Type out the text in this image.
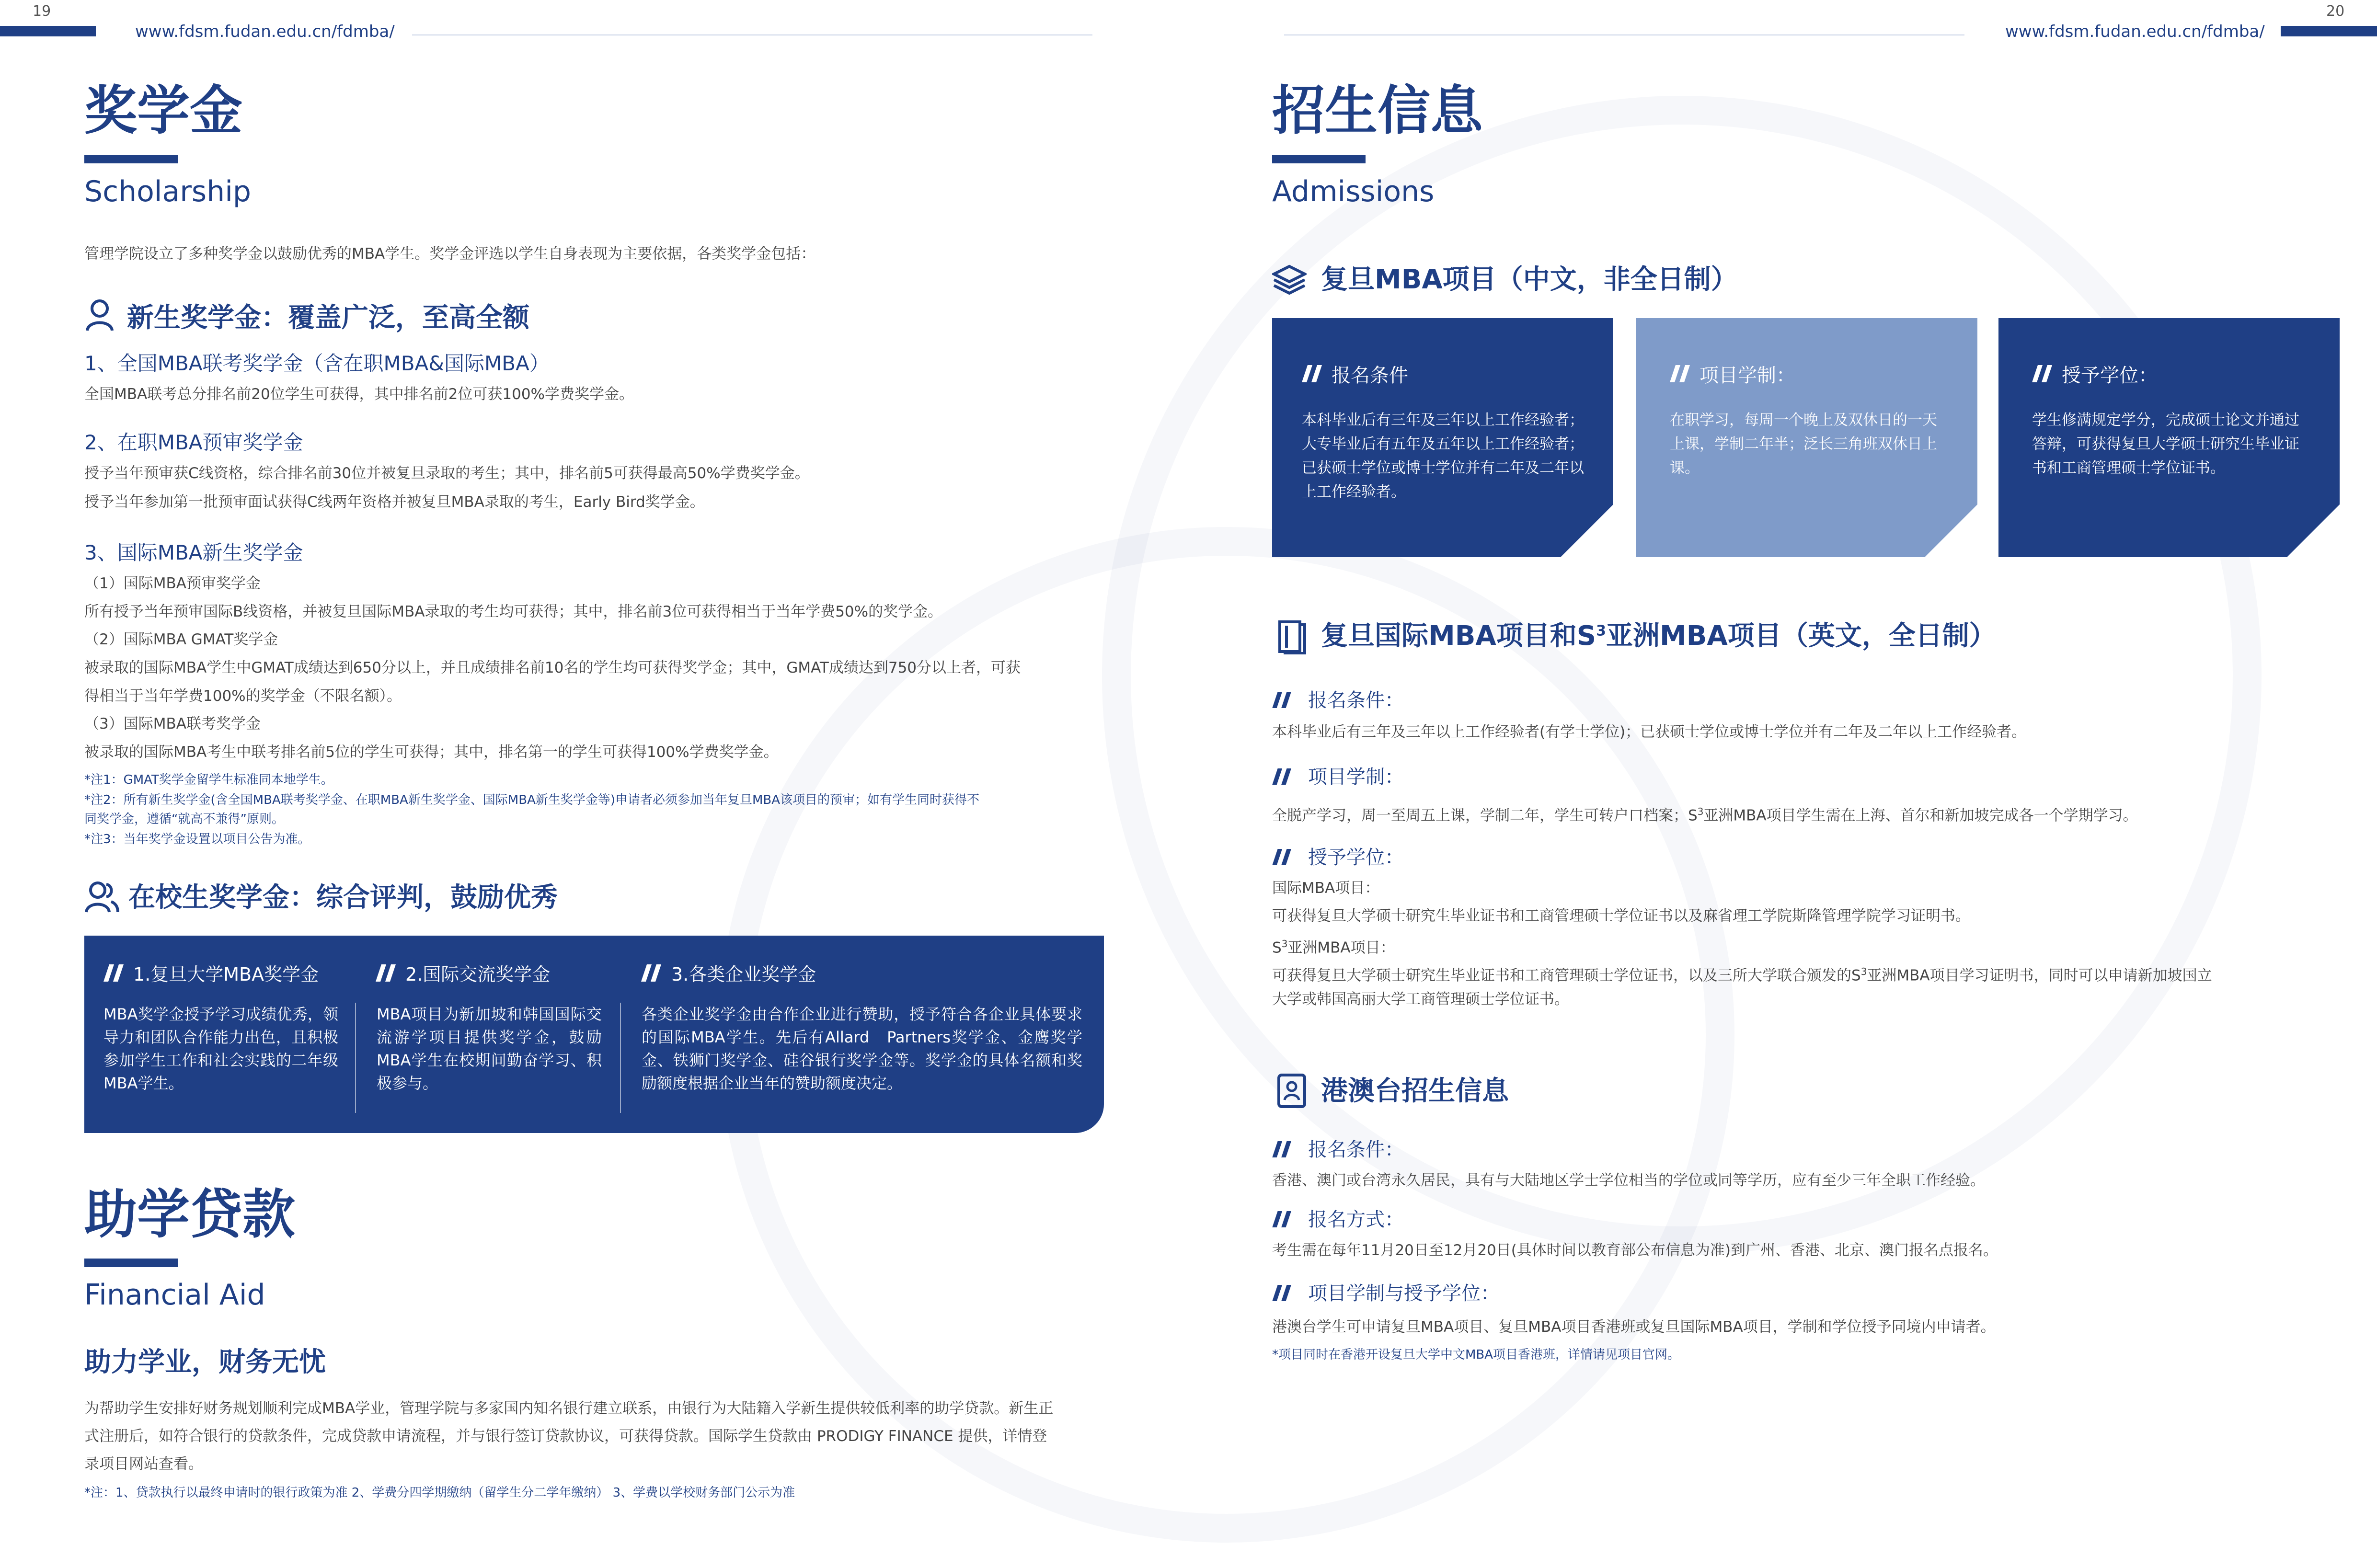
19
www.fdsm.fudan.edu.cn/fdmba/	www.fdsm.fudan.edu.cn/fdmba/
20
奖学金
Scholarship
管理学院设立了多种奖学金以鼓励优秀的MBA学生。奖学金评选以学生自身表现为主要依据，各类奖学金包括：
新生奖学金：覆盖广泛，至高全额
1、全国MBA联考奖学金（含在职MBA&国际MBA）
全国MBA联考总分排名前20位学生可获得，其中排名前2位可获100%学费奖学金。
2、在职MBA预审奖学金
授予当年预审获C线资格，综合排名前30位并被复旦录取的考生；其中，排名前5可获得最高50%学费奖学金。
授予当年参加第一批预审面试获得C线两年资格并被复旦MBA录取的考生，Early Bird奖学金。
3、国际MBA新生奖学金
（1）国际MBA预审奖学金
所有授予当年预审国际B线资格，并被复旦国际MBA录取的考生均可获得；其中，排名前3位可获得相当于当年学费50%的奖学金。
（2）国际MBA GMAT奖学金
被录取的国际MBA学生中GMAT成绩达到650分以上，并且成绩排名前10名的学生均可获得奖学金；其中，GMAT成绩达到750分以上者，可获
得相当于当年学费100%的奖学金（不限名额）。
（3）国际MBA联考奖学金
被录取的国际MBA考生中联考排名前5位的学生可获得；其中，排名第一的学生可获得100%学费奖学金。
*注1：GMAT奖学金留学生标准同本地学生。
*注2：所有新生奖学金(含全国MBA联考奖学金、在职MBA新生奖学金、国际MBA新生奖学金等)申请者必须参加当年复旦MBA该项目的预审；如有学生同时获得不
同奖学金，遵循“就高不兼得”原则。
*注3：当年奖学金设置以项目公告为准。
在校生奖学金：综合评判，鼓励优秀
1.复旦大学MBA奖学金
MBA奖学金授予学习成绩优秀，领导力和团队合作能力出色，且积极参加学生工作和社会实践的二年级MBA学生。
2.国际交流奖学金
MBA项目为新加坡和韩国国际交流游学项目提供奖学金，鼓励MBA学生在校期间勤奋学习、积极参与。
3.各类企业奖学金
各类企业奖学金由合作企业进行赞助，授予符合各企业具体要求的国际MBA学生。先后有Allard　Partners奖学金、金鹰奖学金、铁狮门奖学金、硅谷银行奖学金等。奖学金的具体名额和奖励额度根据企业当年的赞助额度决定。
助学贷款
Financial Aid
助力学业，财务无忧
为帮助学生安排好财务规划顺利完成MBA学业，管理学院与多家国内知名银行建立联系，由银行为大陆籍入学新生提供较低利率的助学贷款。新生正
式注册后，如符合银行的贷款条件，完成贷款申请流程，并与银行签订贷款协议，可获得贷款。国际学生贷款由 PRODIGY FINANCE 提供，详情登
录项目网站查看。
*注：1、贷款执行以最终申请时的银行政策为准 2、学费分四学期缴纳（留学生分二学年缴纳） 3、学费以学校财务部门公示为准
招生信息
Admissions
复旦MBA项目（中文，非全日制）
报名条件
本科毕业后有三年及三年以上工作经验者；大专毕业后有五年及五年以上工作经验者；已获硕士学位或博士学位并有二年及二年以上工作经验者。
项目学制：
在职学习，每周一个晚上及双休日的一天上课，学制二年半；泛长三角班双休日上课。
授予学位：
学生修满规定学分，完成硕士论文并通过答辩，可获得复旦大学硕士研究生毕业证书和工商管理硕士学位证书。
复旦国际MBA项目和$S^3$亚洲MBA项目（英文，全日制）
报名条件：
本科毕业后有三年及三年以上工作经验者(有学士学位)；已获硕士学位或博士学位并有二年及二年以上工作经验者。
项目学制：
全脱产学习，周一至周五上课，学制二年，学生可转户口档案；$S^3$亚洲MBA项目学生需在上海、首尔和新加坡完成各一个学期学习。
授予学位：
国际MBA项目：
可获得复旦大学硕士研究生毕业证书和工商管理硕士学位证书以及麻省理工学院斯隆管理学院学习证明书。
$S^3$亚洲MBA项目：
可获得复旦大学硕士研究生毕业证书和工商管理硕士学位证书，以及三所大学联合颁发的$S^3$亚洲MBA项目学习证明书，同时可以申请新加坡国立
大学或韩国高丽大学工商管理硕士学位证书。
港澳台招生信息
报名条件：
香港、澳门或台湾永久居民，具有与大陆地区学士学位相当的学位或同等学历，应有至少三年全职工作经验。
报名方式：
考生需在每年11月20日至12月20日(具体时间以教育部公布信息为准)到广州、香港、北京、澳门报名点报名。
项目学制与授予学位：
港澳台学生可申请复旦MBA项目、复旦MBA项目香港班或复旦国际MBA项目，学制和学位授予同境内申请者。
*项目同时在香港开设复旦大学中文MBA项目香港班，详情请见项目官网。
